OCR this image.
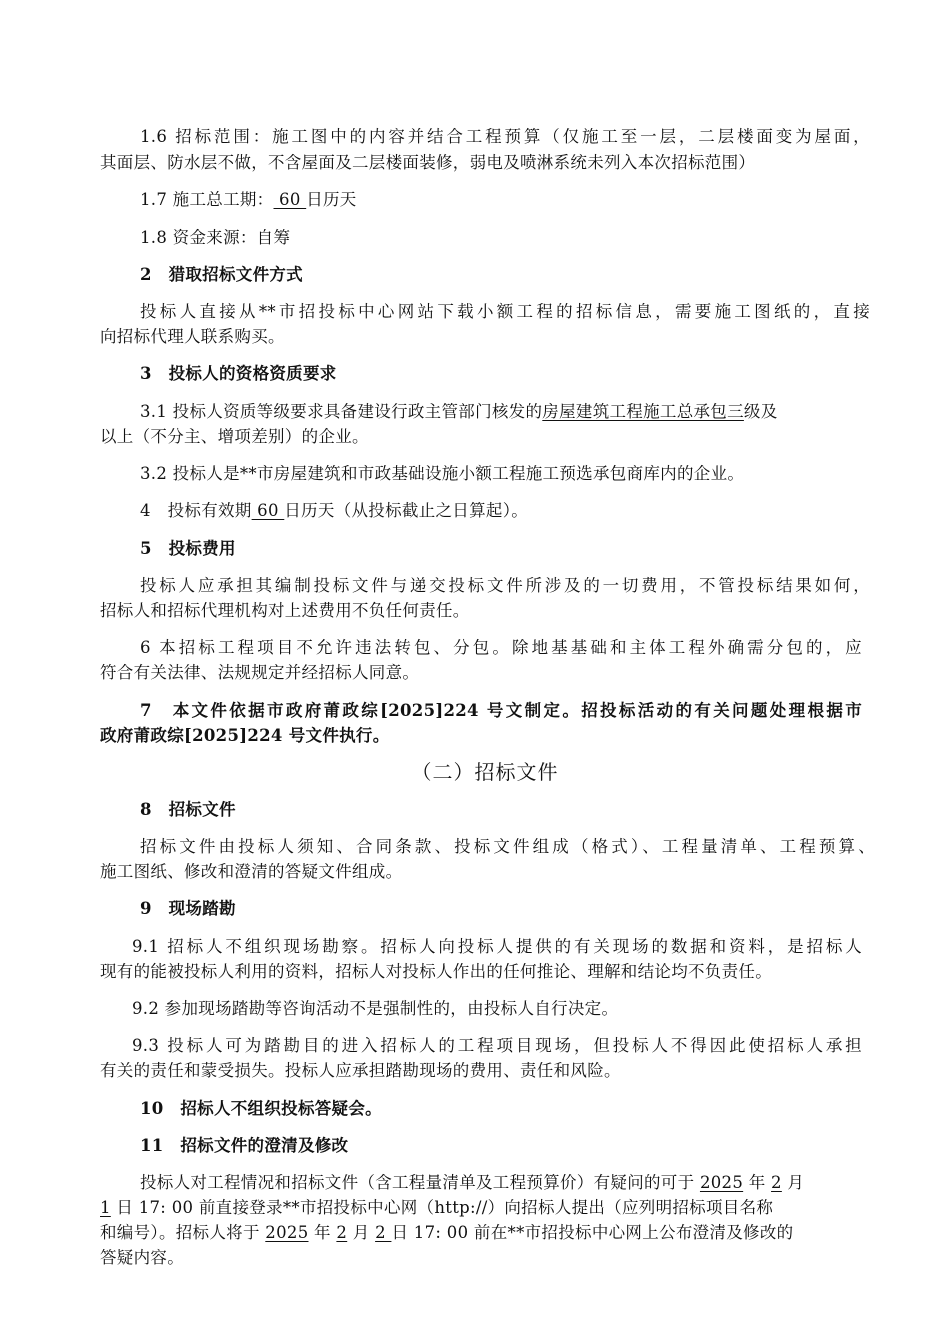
1.6 招标范围：施工图中的内容并结合工程预算（仅施工至一层，二层楼面变为屋面，
其面层、防水层不做，不含屋面及二层楼面装修，弱电及喷淋系统未列入本次招标范围）
1.7 施工总工期： 60 日历天
1.8 资金来源：自筹
2　猎取招标文件方式
投标人直接从**市招投标中心网站下载小额工程的招标信息，需要施工图纸的，直接
向招标代理人联系购买。
3　投标人的资格资质要求
3.1 投标人资质等级要求具备建设行政主管部门核发的房屋建筑工程施工总承包三级及
以上（不分主、增项差别）的企业。
3.2 投标人是**市房屋建筑和市政基础设施小额工程施工预选承包商库内的企业。
4　投标有效期 60 日历天（从投标截止之日算起）。
5　投标费用
投标人应承担其编制投标文件与递交投标文件所涉及的一切费用，不管投标结果如何，
招标人和招标代理机构对上述费用不负任何责任。
6 本招标工程项目不允许违法转包、分包。除地基基础和主体工程外确需分包的，应
符合有关法律、法规规定并经招标人同意。
7　本文件依据市政府莆政综[2025]224 号文制定。招投标活动的有关问题处理根据市
政府莆政综[2025]224 号文件执行。
（二）招标文件
8　招标文件
招标文件由投标人须知、合同条款、投标文件组成（格式）、工程量清单、工程预算、
施工图纸、修改和澄清的答疑文件组成。
9　现场踏勘
9.1 招标人不组织现场勘察。招标人向投标人提供的有关现场的数据和资料，是招标人
现有的能被投标人利用的资料，招标人对投标人作出的任何推论、理解和结论均不负责任。
9.2 参加现场踏勘等咨询活动不是强制性的，由投标人自行决定。
9.3 投标人可为踏勘目的进入招标人的工程项目现场，但投标人不得因此使招标人承担
有关的责任和蒙受损失。投标人应承担踏勘现场的费用、责任和风险。
10　招标人不组织投标答疑会。
11　招标文件的澄清及修改
投标人对工程情况和招标文件（含工程量清单及工程预算价）有疑问的可于 2025 年 2 月
1 日 17: 00 前直接登录**市招投标中心网（http://）向招标人提出（应列明招标项目名称
和编号）。招标人将于 2025 年 2 月 2 日 17: 00 前在**市招投标中心网上公布澄清及修改的
答疑内容。
